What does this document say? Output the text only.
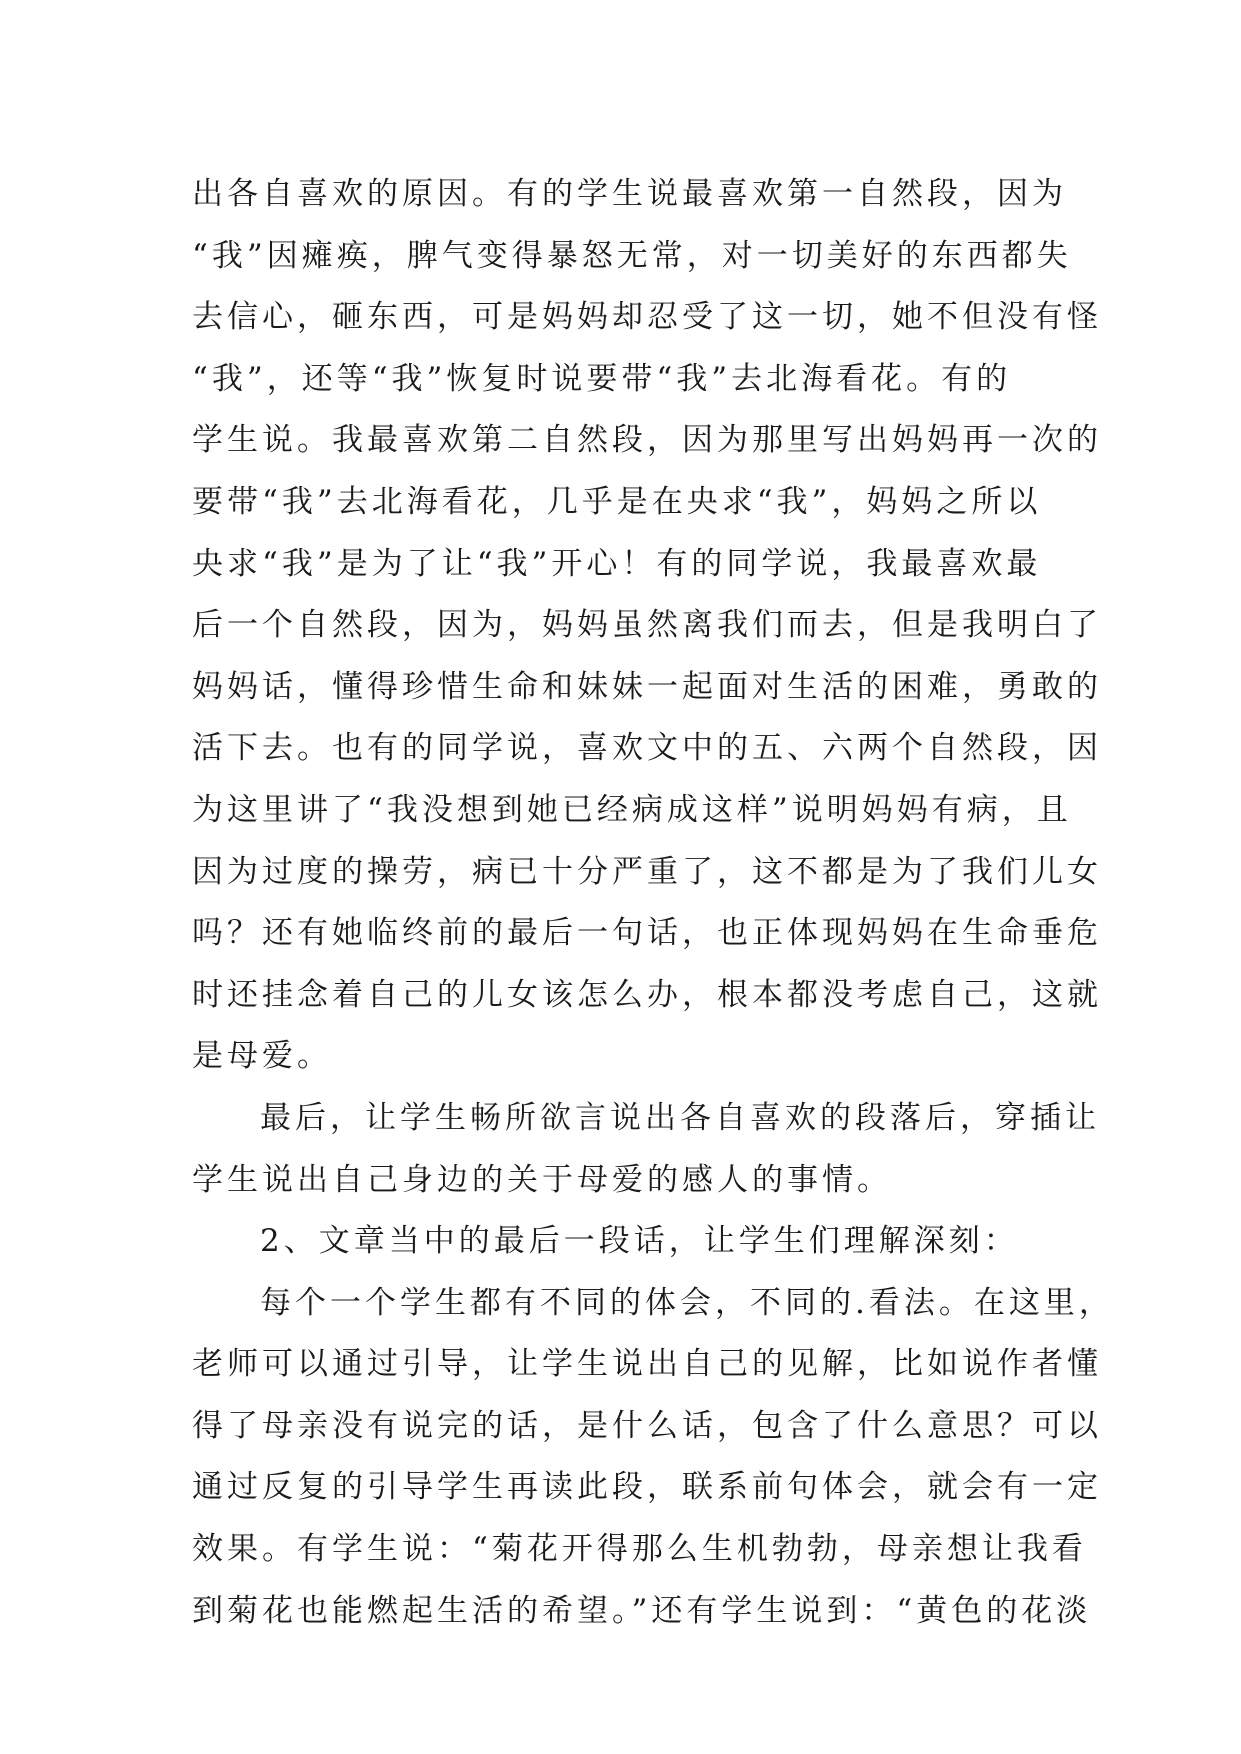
出各自喜欢的原因。有的学生说最喜欢第一自然段，因为
“我”因瘫痪，脾气变得暴怒无常，对一切美好的东西都失
去信心，砸东西，可是妈妈却忍受了这一切，她不但没有怪
“我”，还等“我”恢复时说要带“我”去北海看花。有的
学生说。我最喜欢第二自然段，因为那里写出妈妈再一次的
要带“我”去北海看花，几乎是在央求“我”，妈妈之所以
央求“我”是为了让“我”开心！有的同学说，我最喜欢最
后一个自然段，因为，妈妈虽然离我们而去，但是我明白了
妈妈话，懂得珍惜生命和妹妹一起面对生活的困难，勇敢的
活下去。也有的同学说，喜欢文中的五、六两个自然段，因
为这里讲了“我没想到她已经病成这样”说明妈妈有病，且
因为过度的操劳，病已十分严重了，这不都是为了我们儿女
吗？还有她临终前的最后一句话，也正体现妈妈在生命垂危
时还挂念着自己的儿女该怎么办，根本都没考虑自己，这就
是母爱。
最后，让学生畅所欲言说出各自喜欢的段落后，穿插让
学生说出自己身边的关于母爱的感人的事情。
2、文章当中的最后一段话，让学生们理解深刻：
每个一个学生都有不同的体会，不同的.看法。在这里，
老师可以通过引导，让学生说出自己的见解，比如说作者懂
得了母亲没有说完的话，是什么话，包含了什么意思？可以
通过反复的引导学生再读此段，联系前句体会，就会有一定
效果。有学生说：“菊花开得那么生机勃勃，母亲想让我看
到菊花也能燃起生活的希望。”还有学生说到：“黄色的花淡
